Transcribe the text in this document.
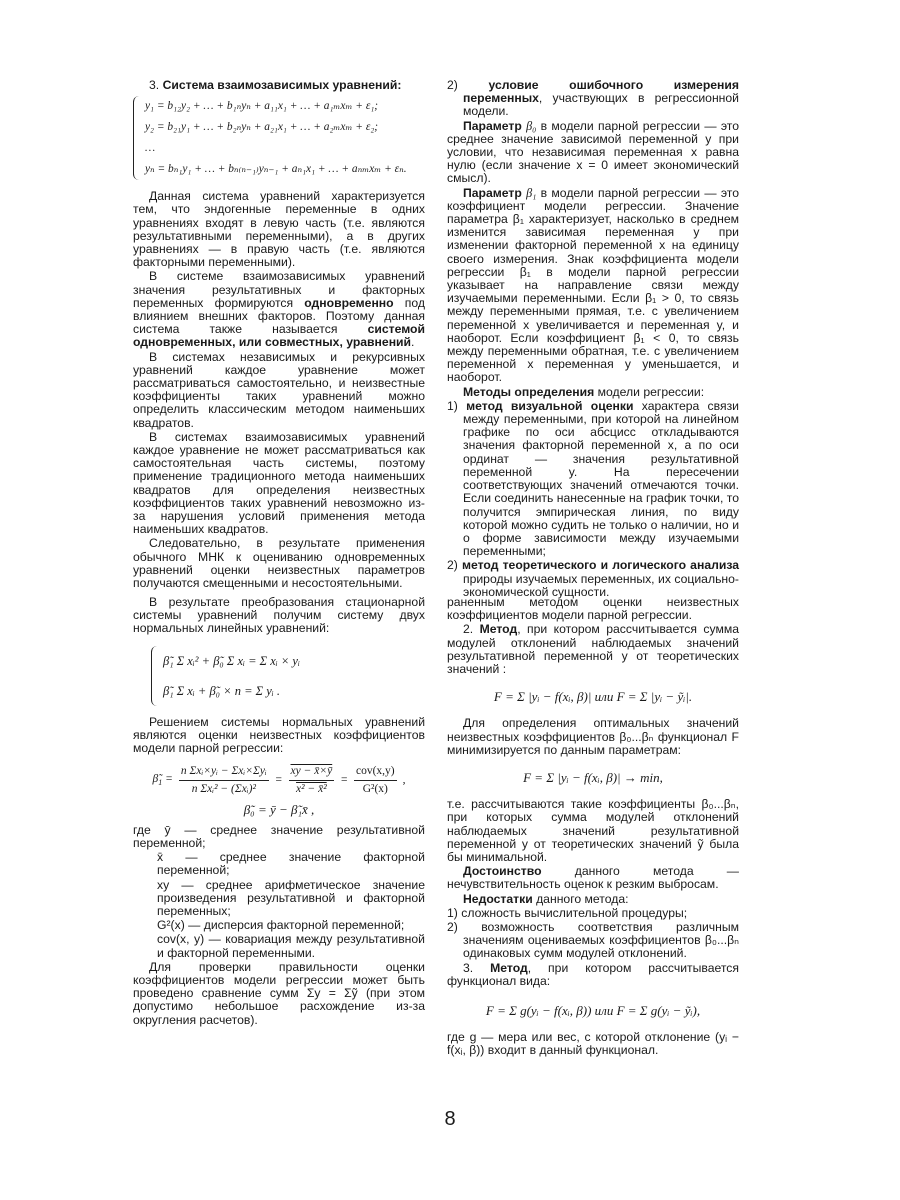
3. Система взаимозависимых уравнений:

y₁ = b₁₂y₂ + … + b₁ₙyₙ + a₁₁x₁ + … + a₁ₘxₘ + ε₁;
y₂ = b₂₁y₁ + … + b₂ₙyₙ + a₂₁x₁ + … + a₂ₘxₘ + ε₂;
…
yₙ = bₙ₁y₁ + … + bₙ₍ₙ₋₁₎yₙ₋₁ + aₙ₁x₁ + … + aₙₘxₘ + εₙ.

Данная система уравнений характеризуется тем, что эндогенные переменные в одних уравнениях входят в левую часть (т.е. являются результативными переменными), а в других уравнениях — в правую часть (т.е. являются факторными переменными).

В системе взаимозависимых уравнений значения результативных и факторных переменных формируются одновременно под влиянием внешних факторов. Поэтому данная система также называется системой одновременных, или совместных, уравнений.

В системах независимых и рекурсивных уравнений каждое уравнение может рассматриваться самостоятельно, и неизвестные коэффициенты таких уравнений можно определить классическим методом наименьших квадратов.

В системах взаимозависимых уравнений каждое уравнение не может рассматриваться как самостоятельная часть системы, поэтому применение традиционного метода наименьших квадратов для определения неизвестных коэффициентов таких уравнений невозможно из-за нарушения условий применения метода наименьших квадратов.

Следовательно, в результате применения обычного МНК к оцениванию одновременных уравнений оценки неизвестных параметров получаются смещенными и несостоятельными.

2)	условие ошибочного измерения переменных, участвующих в регрессионной модели.

Параметр β₀ в модели парной регрессии — это среднее значение зависимой переменной y при условии, что независимая переменная x равна нулю (если значение x = 0 имеет экономический смысл).

Параметр β₁ в модели парной регрессии — это коэффициент модели регрессии. Значение параметра β₁ характеризует, насколько в среднем изменится зависимая переменная y при изменении факторной переменной x на единицу своего измерения. Знак коэффициента модели регрессии β₁ в модели парной регрессии указывает на направление связи между изучаемыми переменными. Если β₁ > 0, то связь между переменными прямая, т.е. с увеличением переменной x увеличивается и переменная y, и наоборот. Если коэффициент β₁ < 0, то связь между переменными обратная, т.е. с увеличением переменной x переменная y уменьшается, и наоборот.

Методы определения модели регрессии:

1) метод визуальной оценки характера связи между переменными, при которой на линейном графике по оси абсцисс откладываются значения факторной переменной x, а по оси ординат — значения результативной переменной y. На пересечении соответствующих значений отмечаются точки. Если соединить нанесенные на график точки, то получится эмпирическая линия, по виду которой можно судить не только о наличии, но и о форме зависимости между изучаемыми переменными;

2) метод теоретического и логического анализа природы изучаемых переменных, их социально-экономической сущности.

В результате преобразования стационарной системы уравнений получим систему двух нормальных линейных уравнений:

β̃₁ Σ xᵢ² + β̃₀ Σ xᵢ = Σ xᵢ × yᵢ
β̃₁ Σ xᵢ + β̃₀ × n = Σ yᵢ .

Решением системы нормальных уравнений являются оценки неизвестных коэффициентов модели парной регрессии:

$\betã_1 = \frac{\text{n Σxᵢ×yᵢ − Σxᵢ×Σyᵢ}}{\text{n Σxᵢ² − (Σxᵢ)²}} = \frac{xy - x̄\times ȳ}{\text{x² − x̄²}} = \frac{\text{cov(x,y)}}{\text{G²(x)}}$ ,
β̃₀ = ȳ − β̃₁x̄ ,

где ȳ — среднее значение результативной переменной;

x̄ — среднее значение факторной переменной;

xy — среднее арифметическое значение произведения результативной и факторной переменных;

G²(x) — дисперсия факторной переменной;

cov(x, y) — ковариация между результативной и факторной переменными.

Для проверки правильности оценки коэффициентов модели регрессии может быть проведено сравнение сумм Σy = Σỹ (при этом допустимо небольшое расхождение из-за округления расчетов).

раненным методом оценки неизвестных коэффициентов модели парной регрессии.

2. Метод, при котором рассчитывается сумма модулей отклонений наблюдаемых значений результативной переменной y от теоретических значений :

F = Σ |yᵢ − f(xᵢ, β)| или F = Σ |yᵢ − ỹᵢ|.

Для определения оптимальных значений неизвестных коэффициентов β₀...βₙ функционал F минимизируется по данным параметрам:

F = Σ |yᵢ − f(xᵢ, β)| → min,

т.е. рассчитываются такие коэффициенты β₀...βₙ, при которых сумма модулей отклонений наблюдаемых значений результативной переменной y от теоретических значений ỹ была бы минимальной.

Достоинство данного метода — нечувствительность оценок к резким выбросам.

Недостатки данного метода:

1) сложность вычислительной процедуры;

2) возможность соответствия различным значениям оцениваемых коэффициентов β₀...βₙ одинаковых сумм модулей отклонений.

3. Метод, при котором рассчитывается функционал вида:

F = Σ g(yᵢ − f(xᵢ, β)) или F = Σ g(yᵢ − ỹᵢ),

где g — мера или вес, с которой отклонение (yᵢ − f(xᵢ, β)) входит в данный функционал.

8
